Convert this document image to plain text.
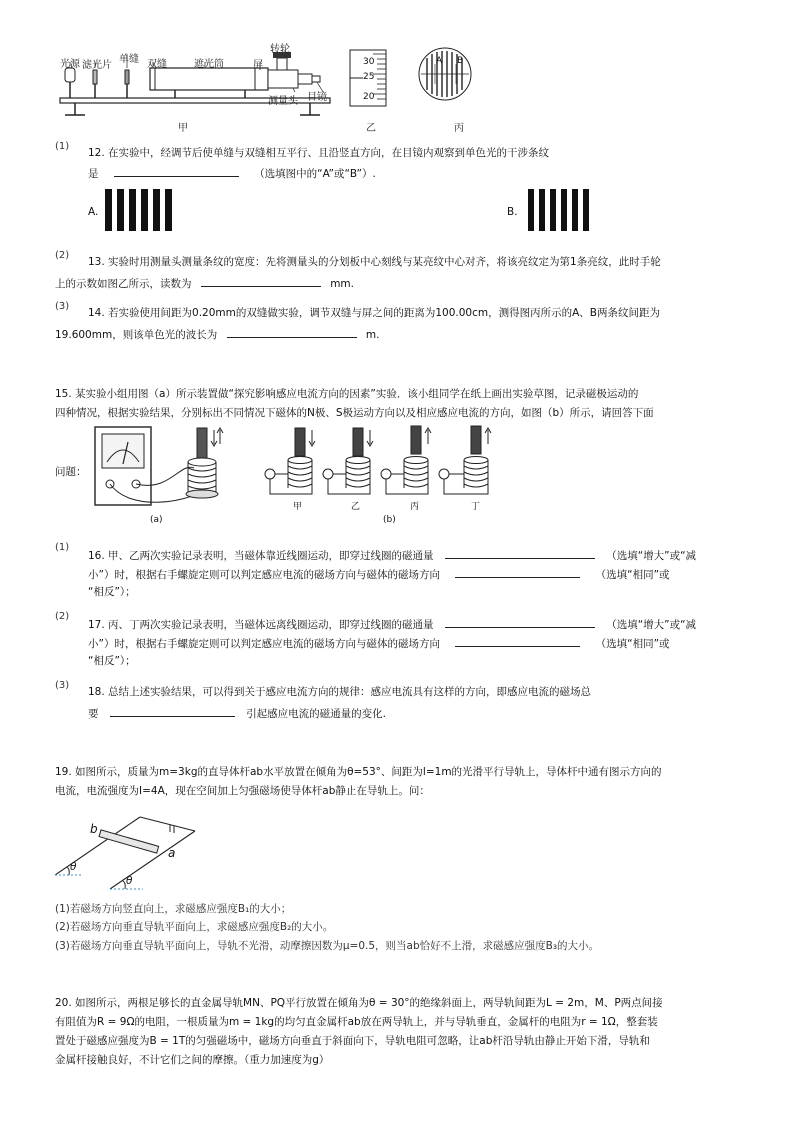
光源 滤光片
单缝 双缝	遮光筒	屏
转轮
测量头 目镜
甲	乙	丙
30
25
20
A B
(1)
12. 在实验中，经调节后使单缝与双缝相互平行、且沿竖直方向，在目镜内观察到单色光的干涉条纹
是	（选填图中的“A”或“B”）.
A.	B.
(2)
13. 实验时用测量头测量条纹的宽度：先将测量头的分划板中心刻线与某亮纹中心对齐，将该亮纹定为第1条亮纹，此时手轮
上的示数如图乙所示，读数为	mm.
(3)
14. 若实验使用间距为0.20mm的双缝做实验，调节双缝与屏之间的距离为100.00cm，测得图丙所示的A、B两条纹间距为
19.600mm，则该单色光的波长为	m.
15. 某实验小组用图（a）所示装置做“探究影响感应电流方向的因素”实验．该小组同学在纸上画出实验草图，记录磁极运动的
四种情况，根据实验结果，分别标出不同情况下磁体的N极、S极运动方向以及相应感应电流的方向，如图（b）所示，请回答下面
问题：
(a)	(b)
甲	乙	丙	丁
(1)
16. 甲、乙两次实验记录表明，当磁体靠近线圈运动，即穿过线圈的磁通量	（选填“增大”或“减
小”）时，根据右手螺旋定则可以判定感应电流的磁场方向与磁体的磁场方向	（选填“相同”或
“相反”）；
(2)
17. 丙、丁两次实验记录表明，当磁体远离线圈运动，即穿过线圈的磁通量	（选填“增大”或“减
小”）时，根据右手螺旋定则可以判定感应电流的磁场方向与磁体的磁场方向	（选填“相同”或
“相反”）；
(3)
18. 总结上述实验结果，可以得到关于感应电流方向的规律：感应电流具有这样的方向，即感应电流的磁场总
要	引起感应电流的磁通量的变化.
19. 如图所示，质量为m=3kg的直导体杆ab水平放置在倾角为θ=53°、间距为l=1m的光滑平行导轨上，导体杆中通有图示方向的
电流，电流强度为I=4A，现在空间加上匀强磁场使导体杆ab静止在导轨上。问：
b
a
θ
θ
(1)若磁场方向竖直向上，求磁感应强度B₁的大小；
(2)若磁场方向垂直导轨平面向上，求磁感应强度B₂的大小。
(3)若磁场方向垂直导轨平面向上，导轨不光滑，动摩擦因数为μ=0.5，则当ab恰好不上滑，求磁感应强度B₃的大小。
20. 如图所示，两根足够长的直金属导轨MN、PQ平行放置在倾角为θ = 30°的绝缘斜面上，两导轨间距为L = 2m，M、P两点间接
有阻值为R = 9Ω的电阻，一根质量为m = 1kg的均匀直金属杆ab放在两导轨上，并与导轨垂直，金属杆的电阻为r = 1Ω，整套装
置处于磁感应强度为B = 1T的匀强磁场中，磁场方向垂直于斜面向下，导轨电阻可忽略，让ab杆沿导轨由静止开始下滑，导轨和
金属杆接触良好，不计它们之间的摩擦。（重力加速度为g）
